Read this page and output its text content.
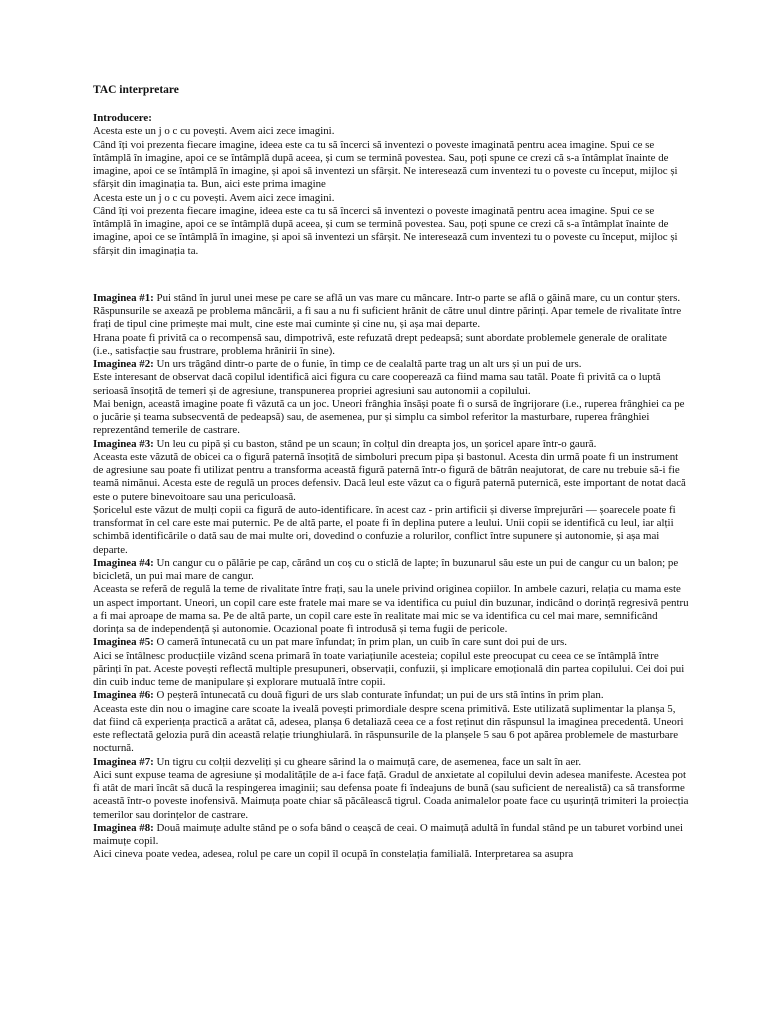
TAC interpretare
Introducere:
Acesta este un j o c cu povești. Avem aici zece imagini.
Când îți voi prezenta fiecare imagine, ideea este ca tu să încerci să inventezi o poveste imaginată pentru acea imagine. Spui ce se întâmplă în imagine, apoi ce se întâmplă după aceea, și cum se termină povestea. Sau, poți spune ce crezi că s-a întâmplat înainte de imagine, apoi ce se întâmplă în imagine, și apoi să inventezi un sfârșit. Ne interesează cum inventezi tu o poveste cu început, mijloc și sfârșit din imaginația ta. Bun, aici este prima imagine
Acesta este un j o c cu povești. Avem aici zece imagini.
Când îți voi prezenta fiecare imagine, ideea este ca tu să încerci să inventezi o poveste imaginată pentru acea imagine. Spui ce se întâmplă în imagine, apoi ce se întâmplă după aceea, și cum se termină povestea. Sau, poți spune ce crezi că s-a întâmplat înainte de imagine, apoi ce se întâmplă în imagine, și apoi să inventezi un sfârșit. Ne interesează cum inventezi tu o poveste cu început, mijloc și sfârșit din imaginația ta.
Imaginea #1: Pui stând în jurul unei mese pe care se află un vas mare cu mâncare. Intr-o parte se află o găină mare, cu un contur șters.
Răspunsurile se axează pe problema mâncării, a fi sau a nu fi suficient hrănit de către unul dintre părinți. Apar temele de rivalitate între frați de tipul cine primește mai mult, cine este mai cuminte și cine nu, și așa mai departe.
Hrana poate fi privită ca o recompensă sau, dimpotrivă, este refuzată drept pedeapsă; sunt abordate problemele generale de oralitate (i.e., satisfacție sau frustrare, problema hrănirii în sine).
Imaginea #2: Un urs trăgând dintr-o parte de o funie, în timp ce de cealaltă parte trag un alt urs și un pui de urs.
Este interesant de observat dacă copilul identifică aici figura cu care cooperează ca fiind mama sau tatăl. Poate fi privită ca o luptă serioasă însoțită de temeri și de agresiune, transpunerea propriei agresiuni sau autonomii a copilului.
Mai benign, această imagine poate fi văzută ca un joc. Uneori frânghia însăși poate fi o sursă de îngrijorare (i.e., ruperea frânghiei ca pe o jucărie și teama subsecventă de pedeapsă) sau, de asemenea, pur și simplu ca simbol referitor la masturbare, ruperea frânghiei reprezentând temerile de castrare.
Imaginea #3: Un leu cu pipă și cu baston, stând pe un scaun; în colțul din dreapta jos, un șoricel apare într-o gaură.
Aceasta este văzută de obicei ca o figură paternă însoțită de simboluri precum pipa și bastonul. Acesta din urmă poate fi un instrument de agresiune sau poate fi utilizat pentru a transforma această figură paternă într-o figură de bătrân neajutorat, de care nu trebuie să-i fie teamă nimănui. Acesta este de regulă un proces defensiv. Dacă leul este văzut ca o figură paternă puternică, este important de notat dacă este o putere binevoitoare sau una periculoasă.
Șoricelul este văzut de mulți copii ca figură de auto-identificare. în acest caz - prin artificii și diverse împrejurări — șoarecele poate fi transformat în cel care este mai puternic. Pe de altă parte, el poate fi în deplina putere a leului. Unii copii se identifică cu leul, iar alții schimbă identificările o dată sau de mai multe ori, dovedind o confuzie a rolurilor, conflict între supunere și autonomie, și așa mai departe.
Imaginea #4: Un cangur cu o pălărie pe cap, cărând un coș cu o sticlă de lapte; în buzunarul său este un pui de cangur cu un balon; pe bicicletă, un pui mai mare de cangur.
Aceasta se referă de regulă la teme de rivalitate între frați, sau la unele privind originea copiilor. In ambele cazuri, relația cu mama este un aspect important. Uneori, un copil care este fratele mai mare se va identifica cu puiul din buzunar, indicând o dorință regresivă pentru a fi mai aproape de mama sa. Pe de altă parte, un copil care este în realitate mai mic se va identifica cu cel mai mare, semnificând dorința sa de independență și autonomie. Ocazional poate fi introdusă și tema fugii de pericole.
Imaginea #5: O cameră întunecată cu un pat mare înfundat; în prim plan, un cuib în care sunt doi pui de urs.
Aici se întâlnesc producțiile vizând scena primară în toate variațiunile acesteia; copilul este preocupat cu ceea ce se întâmplă între părinți în pat. Aceste povești reflectă multiple presupuneri, observații, confuzii, și implicare emoțională din partea copilului. Cei doi pui din cuib induc teme de manipulare și explorare mutuală între copii.
Imaginea #6: O peșteră întunecată cu două figuri de urs slab conturate înfundat; un pui de urs stă întins în prim plan.
Aceasta este din nou o imagine care scoate la iveală povești primordiale despre scena primitivă. Este utilizată suplimentar la planșa 5, dat fiind că experiența practică a arătat că, adesea, planșa 6 detaliază ceea ce a fost reținut din răspunsul la imaginea precedentă. Uneori este reflectată gelozia pură din această relație triunghiulară. în răspunsurile de la planșele 5 sau 6 pot apărea problemele de masturbare nocturnă.
Imaginea #7: Un tigru cu colții dezveliți și cu gheare sărind la o maimuță care, de asemenea, face un salt în aer.
Aici sunt expuse teama de agresiune și modalitățile de a-i face față. Gradul de anxietate al copilului devin adesea manifeste. Acestea pot fi atât de mari încât să ducă la respingerea imaginii; sau defensa poate fi îndeajuns de bună (sau suficient de nerealistă) ca să transforme această într-o poveste inofensivă. Maimuța poate chiar să păcălească tigrul. Coada animalelor poate face cu ușurință trimiteri la proiecția temerilor sau dorințelor de castrare.
Imaginea #8: Două maimuțe adulte stând pe o sofa bând o ceașcă de ceai. O maimuță adultă în fundal stând pe un taburet vorbind unei maimuțe copil.
Aici cineva poate vedea, adesea, rolul pe care un copil îl ocupă în constelația familială. Interpretarea sa asupra
